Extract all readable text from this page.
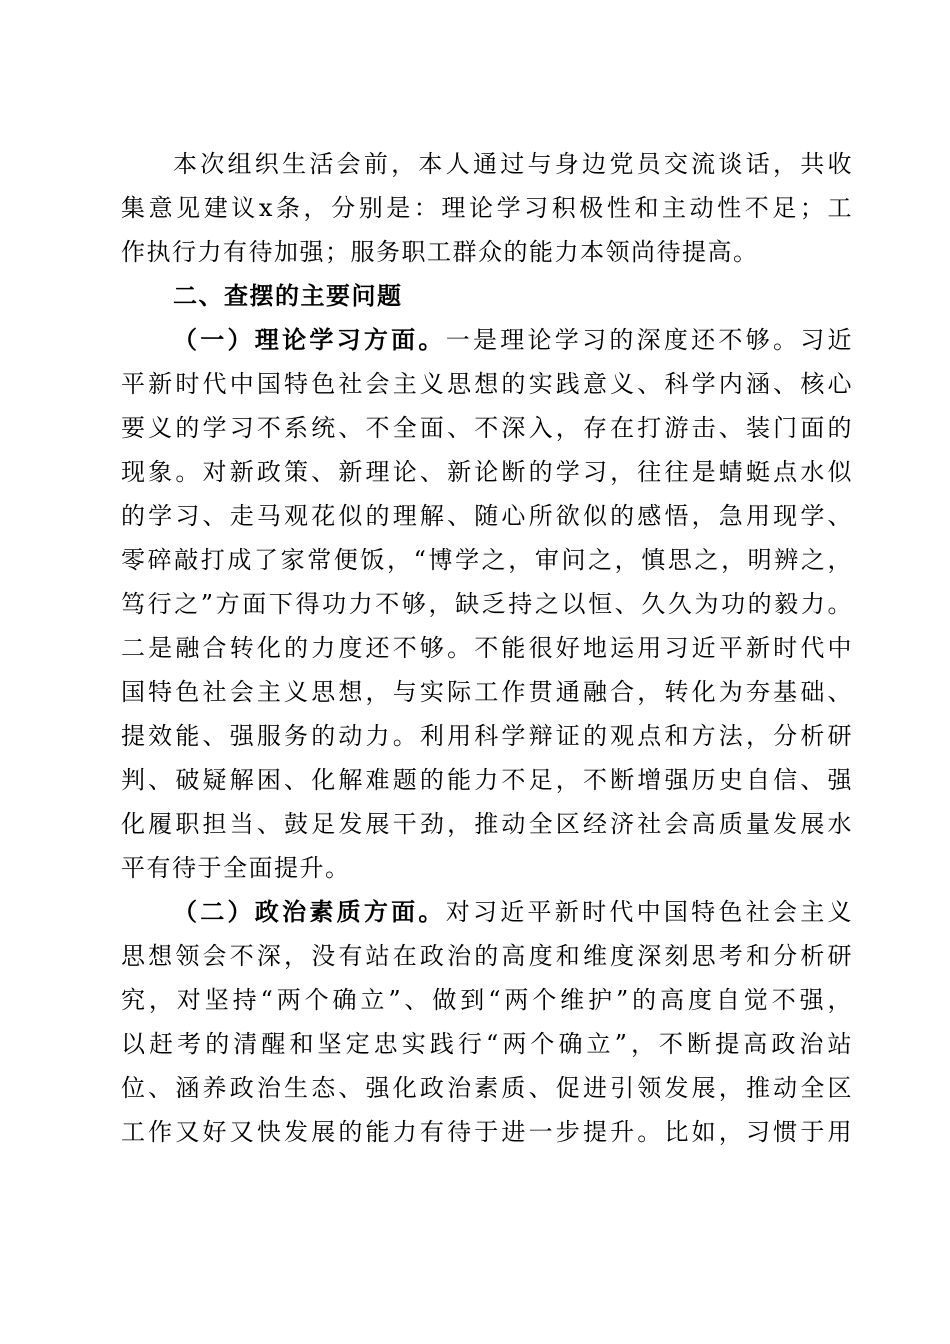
本次组织生活会前，本人通过与身边党员交流谈话，共收
集意见建议x条，分别是：理论学习积极性和主动性不足；工
作执行力有待加强；服务职工群众的能力本领尚待提高。
二、查摆的主要问题
（一）理论学习方面。一是理论学习的深度还不够。习近
平新时代中国特色社会主义思想的实践意义、科学内涵、核心
要义的学习不系统、不全面、不深入，存在打游击、装门面的
现象。对新政策、新理论、新论断的学习，往往是蜻蜓点水似
的学习、走马观花似的理解、随心所欲似的感悟，急用现学、
零碎敲打成了家常便饭，“博学之，审问之，慎思之，明辨之，
笃行之”方面下得功力不够，缺乏持之以恒、久久为功的毅力。
二是融合转化的力度还不够。不能很好地运用习近平新时代中
国特色社会主义思想，与实际工作贯通融合，转化为夯基础、
提效能、强服务的动力。利用科学辩证的观点和方法，分析研
判、破疑解困、化解难题的能力不足，不断增强历史自信、强
化履职担当、鼓足发展干劲，推动全区经济社会高质量发展水
平有待于全面提升。
（二）政治素质方面。对习近平新时代中国特色社会主义
思想领会不深，没有站在政治的高度和维度深刻思考和分析研
究，对坚持“两个确立”、做到“两个维护”的高度自觉不强，
以赶考的清醒和坚定忠实践行“两个确立”，不断提高政治站
位、涵养政治生态、强化政治素质、促进引领发展，推动全区
工作又好又快发展的能力有待于进一步提升。比如，习惯于用
